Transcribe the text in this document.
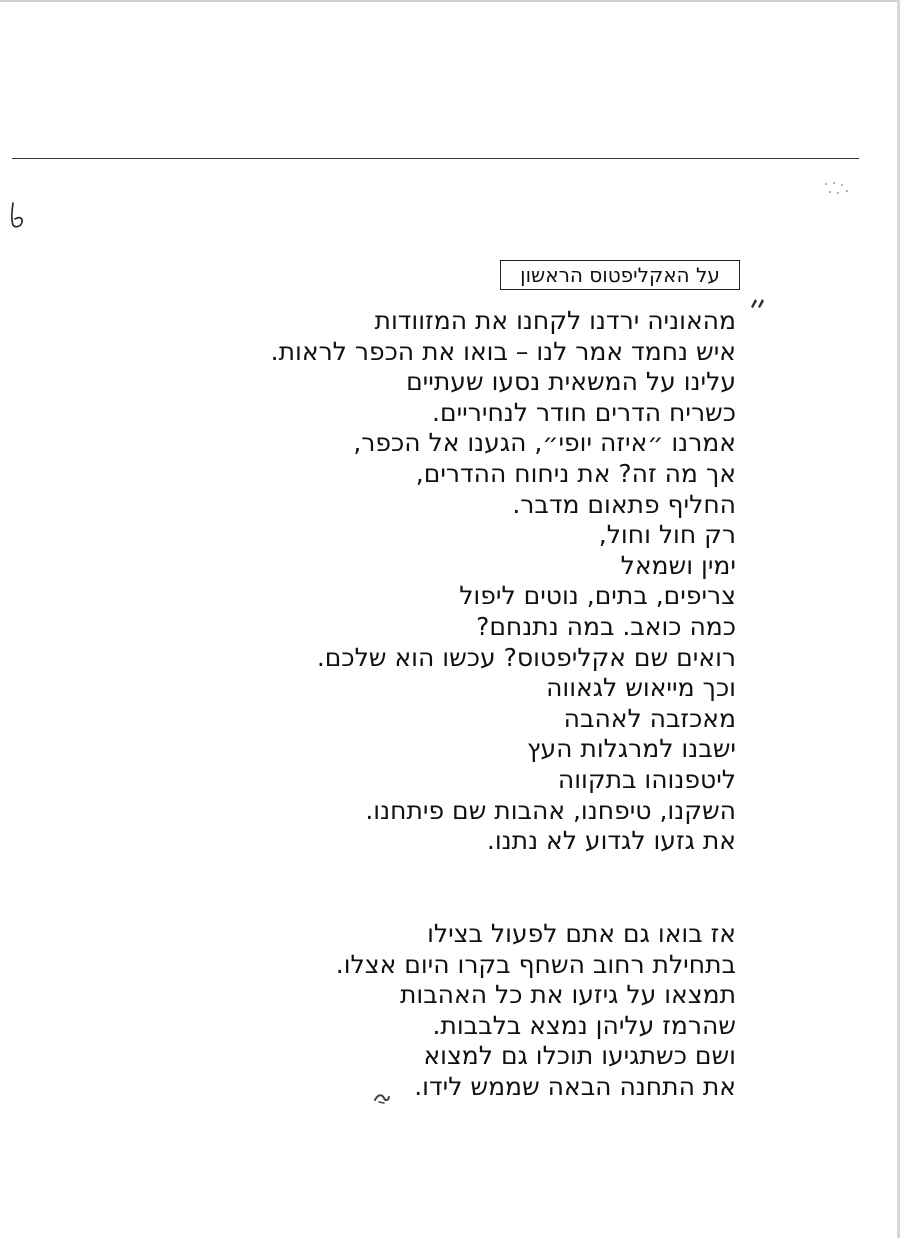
על האקליפטוס הראשון
מהאוניה ירדנו לקחנו את המזוודות
איש נחמד אמר לנו – בואו את הכפר לראות.
עלינו על המשאית נסעו שעתיים
כשריח הדרים חודר לנחיריים.
אמרנו ״איזה יופי״, הגענו אל הכפר,
אך מה זה? את ניחוח ההדרים,
החליף פתאום מדבר.
רק חול וחול,
ימין ושמאל
צריפים, בתים, נוטים ליפול
כמה כואב. במה נתנחם?
רואים שם אקליפטוס? עכשו הוא שלכם.
וכך מייאוש לגאווה
מאכזבה לאהבה
ישבנו למרגלות העץ
ליטפנוהו בתקווה
השקנו, טיפחנו, אהבות שם פיתחנו.
את גזעו לגדוע לא נתנו.
אז בואו גם אתם לפעול בצילו
בתחילת רחוב השחף בקרו היום אצלו.
תמצאו על גיזעו את כל האהבות
שהרמז עליהן נמצא בלבבות.
ושם כשתגיעו תוכלו גם למצוא
את התחנה הבאה שממש לידו.
